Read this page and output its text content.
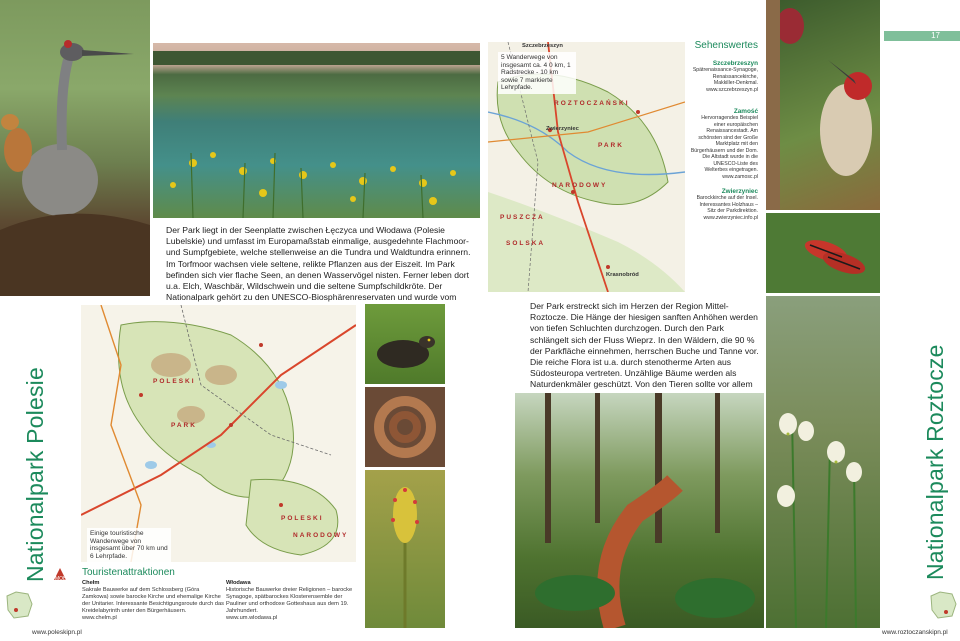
Der Park liegt in der Seenplatte zwischen Łęczyca und Włodawa (Polesie Lubelskie) und umfasst im Europamaßstab einmalige, ausgedehnte Flachmoor- und Sumpfgebiete, welche stellenweise an die Tundra und Waldtundra erinnern. Im Torfmoor wachsen viele seltene, relikte Pflanzen aus der Eiszeit. Im Park befinden sich vier flache Seen, an denen Wasservögel nisten. Ferner leben dort u.a. Elch, Waschbär, Wildschwein und die seltene Sumpfschildkröte. Der Nationalpark gehört zu den UNESCO-Biosphärenreservaten und wurde vom
Nationalpark Polesie	POLESKI
PARK
POLESKI
NARODOWY
Einige touristische Wanderwege von insgesamt über 70 km und 6 Lehrpfade.
MOB
Touristenattraktionen
Chełm
Sakrale Bauwerke auf dem Schlossberg (Góra Zamkowa) sowie barocke Kirche und ehemalige Kirche der Unitarier. Interessante Besichtigungsroute durch das Kreidelabyrinth unter den Bürgerhäusern.
www.chelm.pl
Włodawa
Historische Bauwerke dreier Religionen – barocke Synagoge, spätbarockes Klosterensemble der Pauliner und orthodoxe Gotteshaus aus dem 19. Jahrhundert.
www.um.wlodawa.pl
www.poleskipn.pl
Szczebrzeszyn
Zwierzyniec
Krasnobród
ROZTOCZAŃSKI
PARK
NARODOWY
PUSZCZA
SOLSKA
5 Wanderwege von insgesamt ca. 4 0 km, 1 Radstrecke - 10 km sowie 7 markierte Lehrpfade.
Sehenswertes
Szczebrzeszyn
Spätrenaissance-Synagoge, Renaissancekirche, Makkiller-Denkmal.
www.szczebrzeszyn.pl
Zamość
Hervorragendes Beispiel einer europäischen Renaissancestadt. Am schönsten sind der Große Marktplatz mit den Bürgerhäusern und der Dom. Die Altstadt wurde in die UNESCO-Liste des Welterbes eingetragen.
www.zamosc.pl
Zwierzyniec
Barockkirche auf der Insel. Interessantes Holzhaus – Sitz der Parkdirektion.
www.zwierzyniec.info.pl
17
Der Park erstreckt sich im Herzen der Region Mittel-Roztocze. Die Hänge der hiesigen sanften Anhöhen werden von tiefen Schluchten durchzogen. Durch den Park schlängelt sich der Fluss Wieprz. In den Wäldern, die 90 % der Parkfläche einnehmen, herrschen Buche und Tanne vor. Die reiche Flora ist u.a. durch stenotherme Arten aus Südosteuropa vertreten. Unzählige Bäume werden als Naturdenkmäler geschützt. Von den Tieren sollte vor allem	Nationalpark Roztocze
www.roztoczanskipn.pl
